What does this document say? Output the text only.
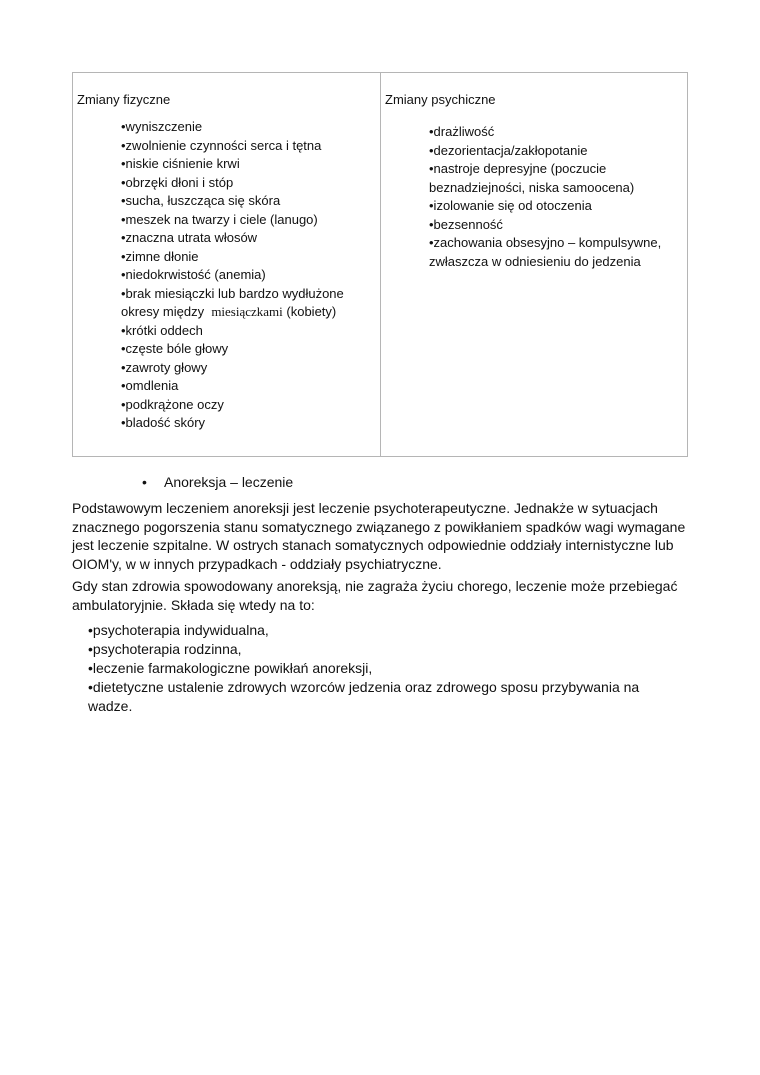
Zmiany fizyczne
•wyniszczenie
•zwolnienie czynności serca i tętna
•niskie ciśnienie krwi
•obrzęki dłoni i stóp
•sucha, łuszcząca się skóra
•meszek na twarzy i ciele (lanugo)
•znaczna utrata włosów
•zimne dłonie
•niedokrwistość (anemia)
•brak miesiączki lub bardzo wydłużone okresy między miesiączkami (kobiety)
•krótki oddech
•częste bóle głowy
•zawroty głowy
•omdlenia
•podkrążone oczy
•bladość skóry
Zmiany psychiczne
•drażliwość
•dezorientacja/zakłopotanie
•nastroje depresyjne (poczucie beznadziejności, niska samoocena)
•izolowanie się od otoczenia
•bezsenność
•zachowania obsesyjno – kompulsywne, zwłaszcza w odniesieniu do jedzenia
• Anoreksja – leczenie

Podstawowym leczeniem anoreksji jest leczenie psychoterapeutyczne. Jednakże w sytuacjach znacznego pogorszenia stanu somatycznego związanego z powikłaniem spadków wagi wymagane jest leczenie szpitalne. W ostrych stanach somatycznych odpowiednie oddziały internistyczne lub OIOM'y, w w innych przypadkach - oddziały psychiatryczne.

Gdy stan zdrowia spowodowany anoreksją, nie zagraża życiu chorego, leczenie może przebiegać ambulatoryjnie. Składa się wtedy na to:

•psychoterapia indywidualna,
•psychoterapia rodzinna,
•leczenie farmakologiczne powikłań anoreksji,
•dietetyczne ustalenie zdrowych wzorców jedzenia oraz zdrowego sposu przybywania na wadze.
